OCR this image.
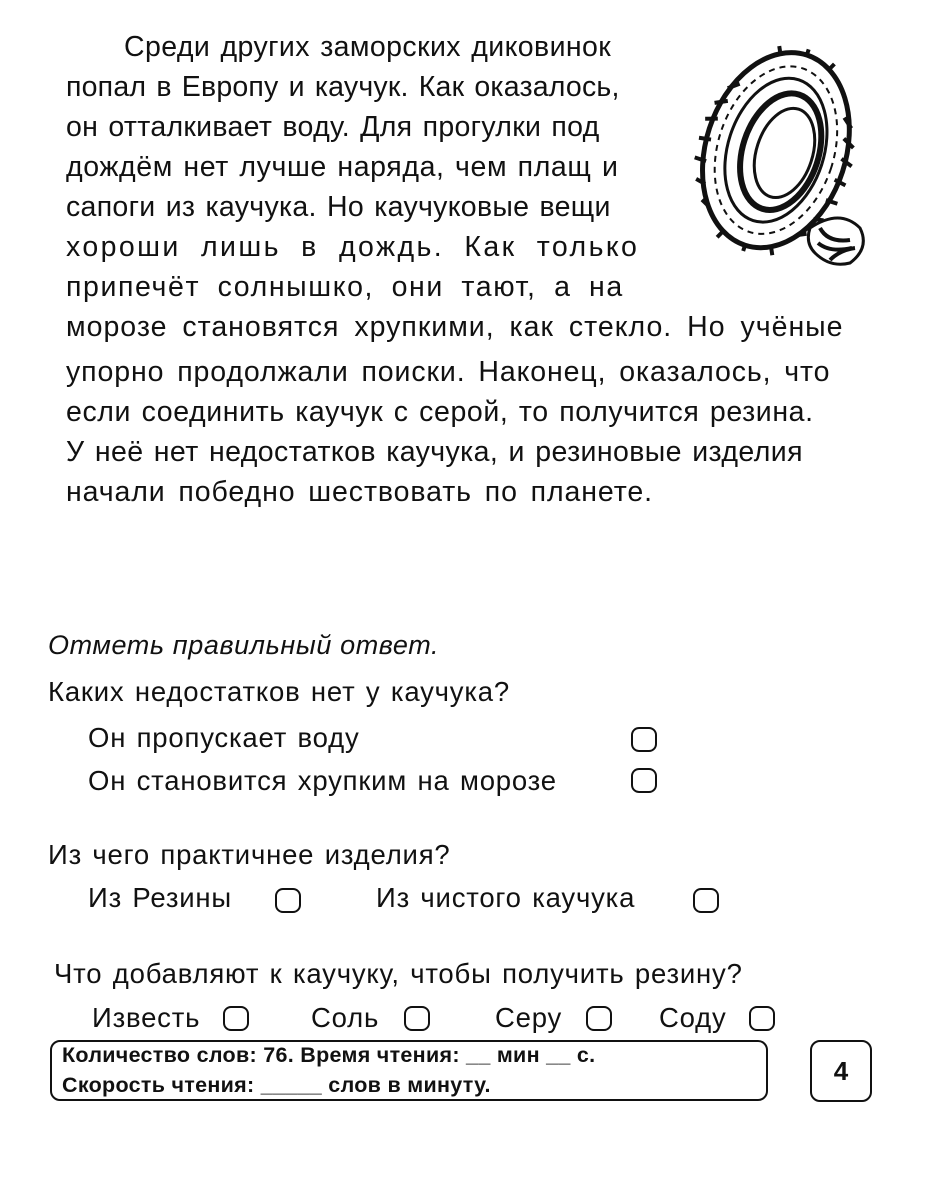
Среди других заморских диковинок
попал в Европу и каучук. Как оказалось,
он отталкивает воду. Для прогулки под
дождём нет лучше наряда, чем плащ и
сапоги из каучука. Но каучуковые вещи
хороши лишь в дождь. Как только
припечёт солнышко, они тают, а на
морозе становятся хрупкими, как стекло. Но учёные
упорно продолжали поиски. Наконец, оказалось, что
если соединить каучук с серой, то получится резина.
У неё нет недостатков каучука, и резиновые изделия
начали победно шествовать по планете.
Отметь правильный ответ.
Каких недостатков нет у каучука?
Он пропускает воду
Он становится хрупким на морозе
Из чего практичнее изделия?
Из Резины	Из чистого каучука
Что добавляют к каучуку, чтобы получить резину?
Известь	Соль	Серу	Соду
Количество слов: 76. Время чтения: __ мин __ с.
Скорость чтения: _____ слов в минуту.	4
